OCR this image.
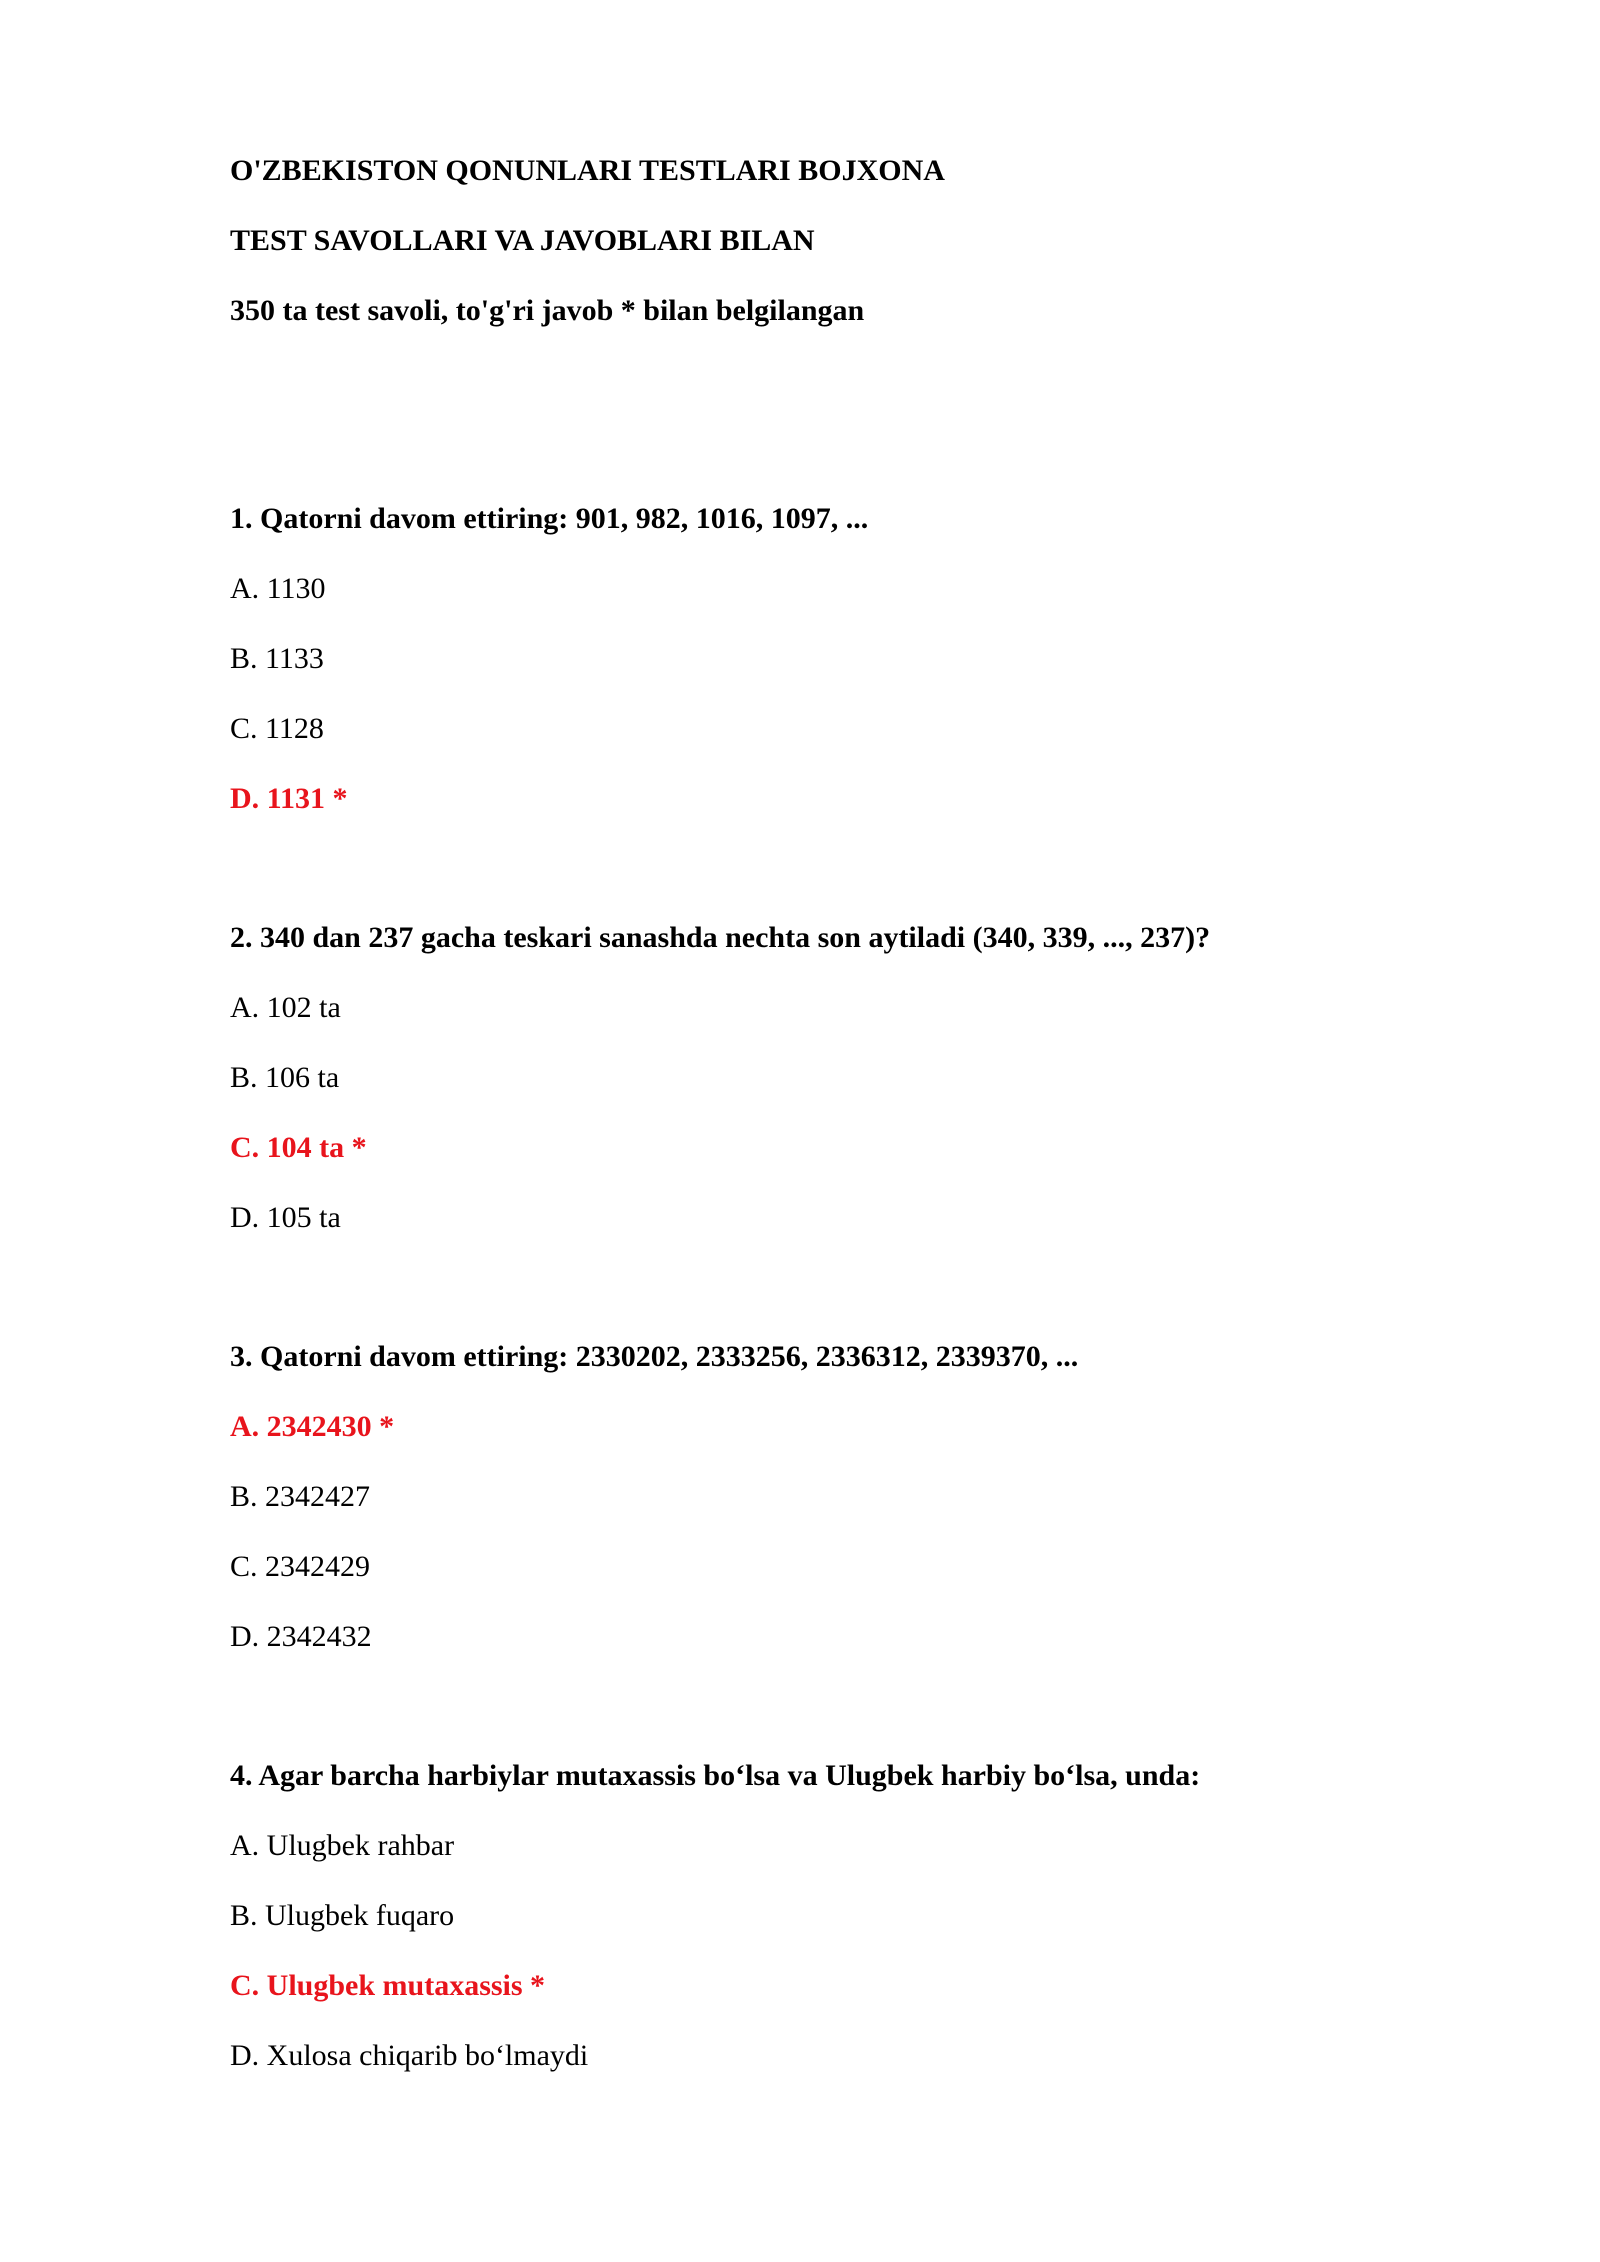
O'ZBEKISTON QONUNLARI TESTLARI BOJXONA
TEST SAVOLLARI VA JAVOBLARI BILAN
350 ta test savoli, to'g'ri javob * bilan belgilangan
1. Qatorni davom ettiring: 901, 982, 1016, 1097, ...
A. 1130
B. 1133
C. 1128
D. 1131 *
2. 340 dan 237 gacha teskari sanashda nechta son aytiladi (340, 339, ..., 237)?
A. 102 ta
B. 106 ta
C. 104 ta *
D. 105 ta
3. Qatorni davom ettiring: 2330202, 2333256, 2336312, 2339370, ...
A. 2342430 *
B. 2342427
C. 2342429
D. 2342432
4. Agar barcha harbiylar mutaxassis bo‘lsa va Ulugbek harbiy bo‘lsa, unda:
A. Ulugbek rahbar
B. Ulugbek fuqaro
C. Ulugbek mutaxassis *
D. Xulosa chiqarib bo‘lmaydi
